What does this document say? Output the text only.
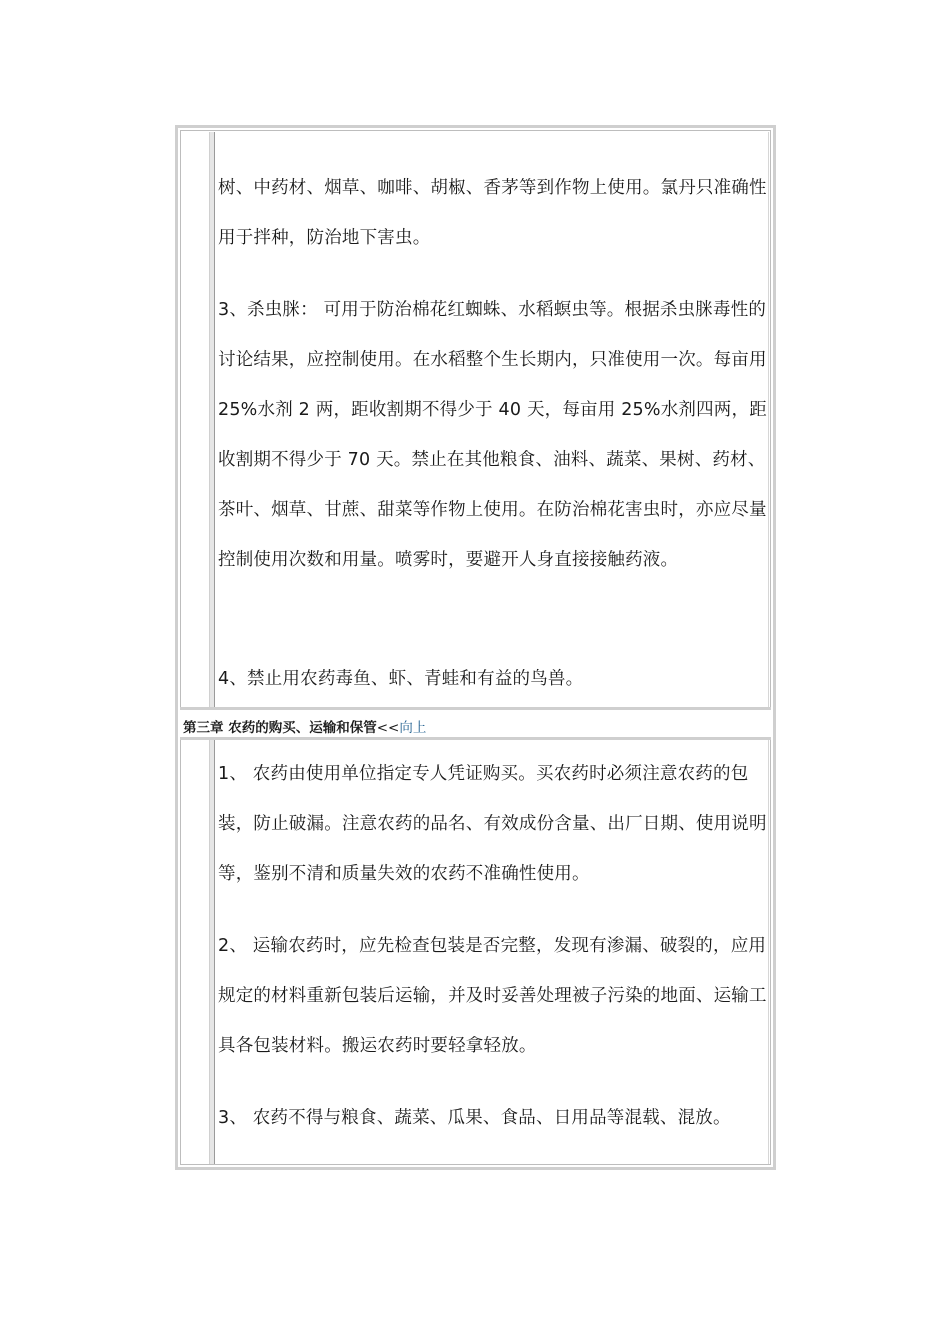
树、中药材、烟草、咖啡、胡椒、香茅等到作物上使用。氯丹只准确性用于拌种，防治地下害虫。

3、杀虫脒： 可用于防治棉花红蜘蛛、水稻螟虫等。根据杀虫脒毒性的讨论结果，应控制使用。在水稻整个生长期内，只准使用一次。每亩用 25%水剂 2 两，距收割期不得少于 40 天，每亩用 25%水剂四两，距收割期不得少于 70 天。禁止在其他粮食、油料、蔬菜、果树、药材、茶叶、烟草、甘蔗、甜菜等作物上使用。在防治棉花害虫时，亦应尽量控制使用次数和用量。喷雾时，要避开人身直接接触药液。

4、禁止用农药毒鱼、虾、青蛙和有益的鸟兽。

第三章 农药的购买、运输和保管<<向上

1、 农药由使用单位指定专人凭证购买。买农药时必须注意农药的包装，防止破漏。注意农药的品名、有效成份含量、出厂日期、使用说明等，鉴别不清和质量失效的农药不准确性使用。

2、 运输农药时，应先检查包装是否完整，发现有渗漏、破裂的，应用规定的材料重新包装后运输，并及时妥善处理被子污染的地面、运输工具各包装材料。搬运农药时要轻拿轻放。

3、 农药不得与粮食、蔬菜、瓜果、食品、日用品等混载、混放。
